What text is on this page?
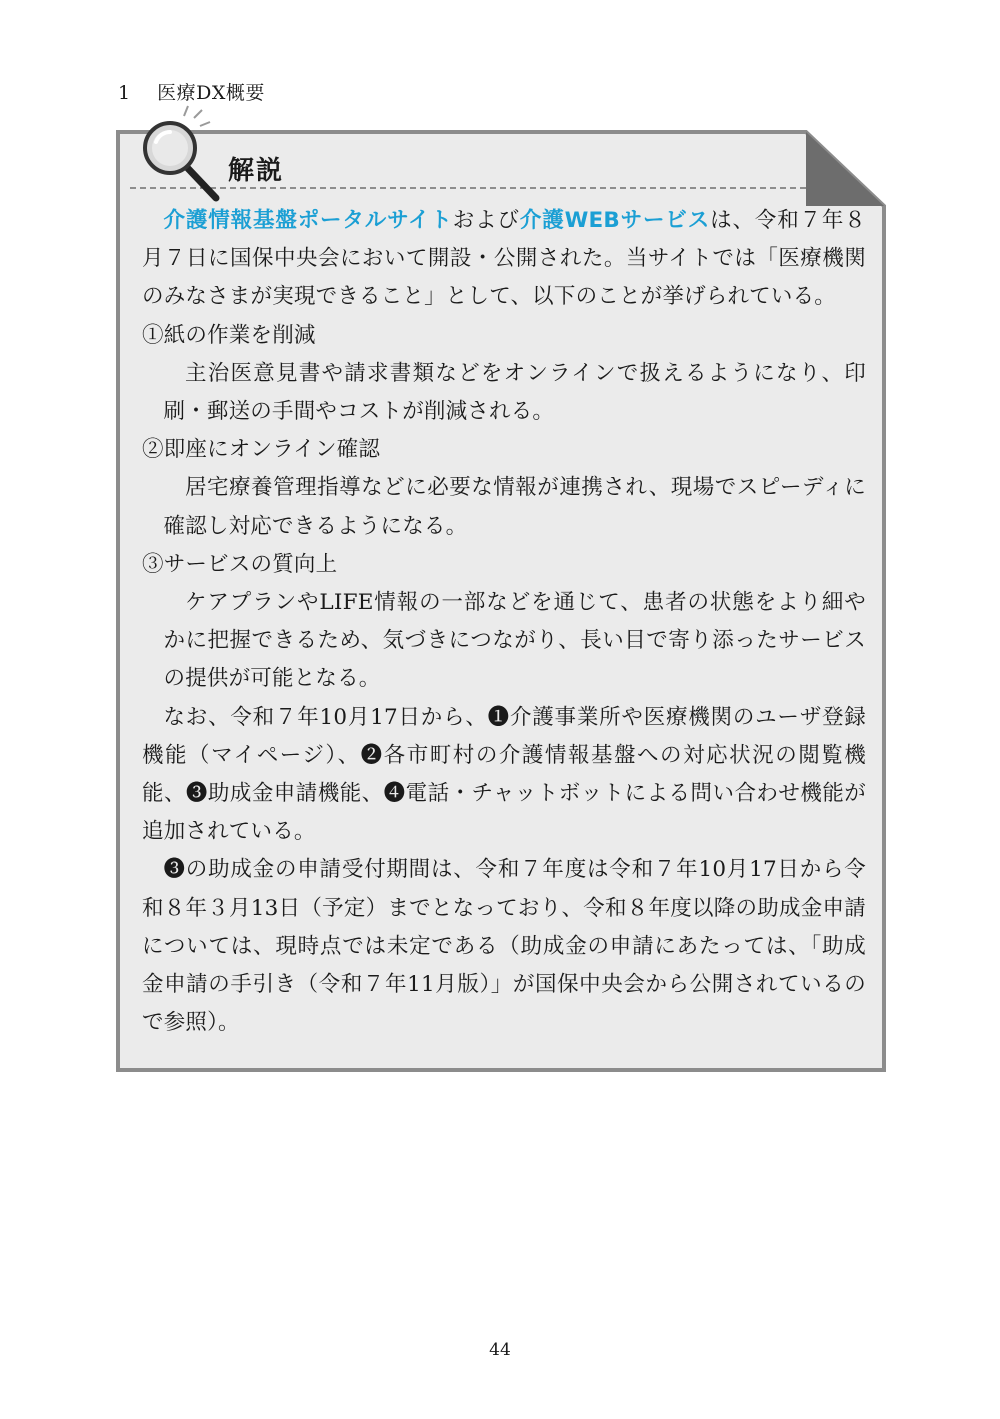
1 医療DX概要
解説

介護情報基盤ポータルサイトおよび介護WEBサービスは、令和７年８月７日に国保中央会において開設・公開された。当サイトでは「医療機関のみなさまが実現できること」として、以下のことが挙げられている。

①紙の作業を削減

主治医意見書や請求書類などをオンラインで扱えるようになり、印刷・郵送の手間やコストが削減される。

②即座にオンライン確認

居宅療養管理指導などに必要な情報が連携され、現場でスピーディに確認し対応できるようになる。

③サービスの質向上

ケアプランやLIFE情報の一部などを通じて、患者の状態をより細やかに把握できるため、気づきにつながり、長い目で寄り添ったサービスの提供が可能となる。

なお、令和７年10月17日から、❶介護事業所や医療機関のユーザ登録機能（マイページ）、❷各市町村の介護情報基盤への対応状況の閲覧機能、❸助成金申請機能、❹電話・チャットボットによる問い合わせ機能が追加されている。

❸の助成金の申請受付期間は、令和７年度は令和７年10月17日から令和８年３月13日（予定）までとなっており、令和８年度以降の助成金申請については、現時点では未定である（助成金の申請にあたっては、「助成金申請の手引き（令和７年11月版）」が国保中央会から公開されているので参照）。

44
